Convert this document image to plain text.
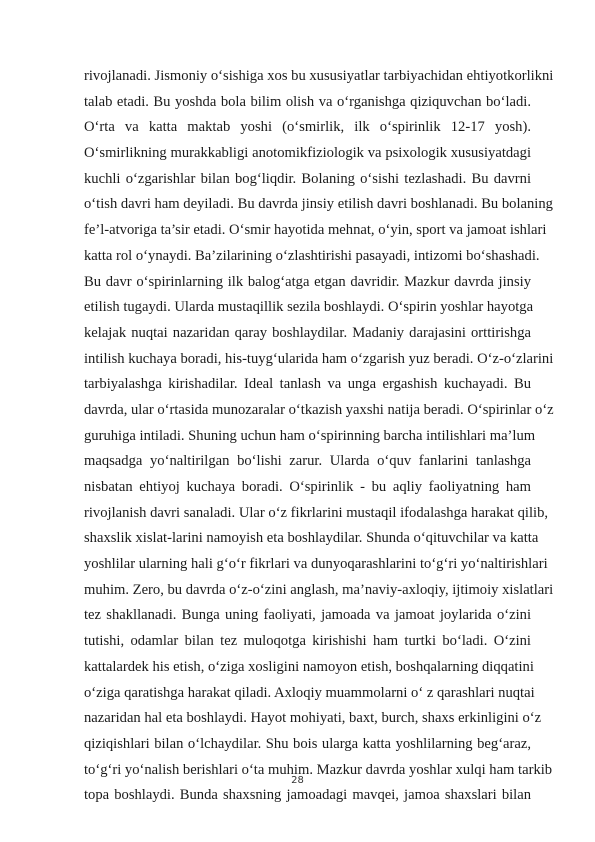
rivojlanadi. Jismoniy o‘sishiga xos bu xususiyatlar tarbiyachidan ehtiyotkorlikni
talab etadi. Bu yoshda bola bilim olish va o‘rganishga qiziquvchan bo‘ladi.
O‘rta va katta maktab yoshi (o‘smirlik, ilk o‘spirinlik 12-17 yosh).
O‘smirlikning murakkabligi anotomikfiziologik va psixologik xususiyatdagi
kuchli o‘zgarishlar bilan bog‘liqdir. Bolaning o‘sishi tezlashadi. Bu davrni
o‘tish davri ham deyiladi. Bu davrda jinsiy etilish davri boshlanadi. Bu bolaning
fe’l-atvoriga ta’sir etadi. O‘smir hayotida mehnat, o‘yin, sport va jamoat ishlari
katta rol o‘ynaydi. Ba’zilarining o‘zlashtirishi pasayadi, intizomi bo‘shashadi.
Bu davr o‘spirinlarning ilk balog‘atga etgan davridir. Mazkur davrda jinsiy
etilish tugaydi. Ularda mustaqillik sezila boshlaydi. O‘spirin yoshlar hayotga
kelajak nuqtai nazaridan qaray boshlaydilar. Madaniy darajasini orttirishga
intilish kuchaya boradi, his-tuyg‘ularida ham o‘zgarish yuz beradi. O‘z-o‘zlarini
tarbiyalashga kirishadilar. Ideal tanlash va unga ergashish kuchayadi. Bu
davrda, ular o‘rtasida munozaralar o‘tkazish yaxshi natija beradi. O‘spirinlar o‘z
guruhiga intiladi. Shuning uchun ham o‘spirinning barcha intilishlari ma’lum
maqsadga yo‘naltirilgan bo‘lishi zarur. Ularda o‘quv fanlarini tanlashga
nisbatan ehtiyoj kuchaya boradi. O‘spirinlik - bu aqliy faoliyatning ham
rivojlanish davri sanaladi. Ular o‘z fikrlarini mustaqil ifodalashga harakat qilib,
shaxslik xislat-larini namoyish eta boshlaydilar. Shunda o‘qituvchilar va katta
yoshlilar ularning hali g‘o‘r fikrlari va dunyoqarashlarini to‘g‘ri yo‘naltirishlari
muhim. Zero, bu davrda o‘z-o‘zini anglash, ma’naviy-axloqiy, ijtimoiy xislatlari
tez shakllanadi. Bunga uning faoliyati, jamoada va jamoat joylarida o‘zini
tutishi, odamlar bilan tez muloqotga kirishishi ham turtki bo‘ladi. O‘zini
kattalardek his etish, o‘ziga xosligini namoyon etish, boshqalarning diqqatini
o‘ziga qaratishga harakat qiladi. Axloqiy muammolarni o‘ z qarashlari nuqtai
nazaridan hal eta boshlaydi. Hayot mohiyati, baxt, burch, shaxs erkinligini o‘z
qiziqishlari bilan o‘lchaydilar. Shu bois ularga katta yoshlilarning beg‘araz,
to‘g‘ri yo‘nalish berishlari o‘ta muhim. Mazkur davrda yoshlar xulqi ham tarkib
topa boshlaydi. Bunda shaxsning jamoadagi mavqei, jamoa shaxslari bilan
28
